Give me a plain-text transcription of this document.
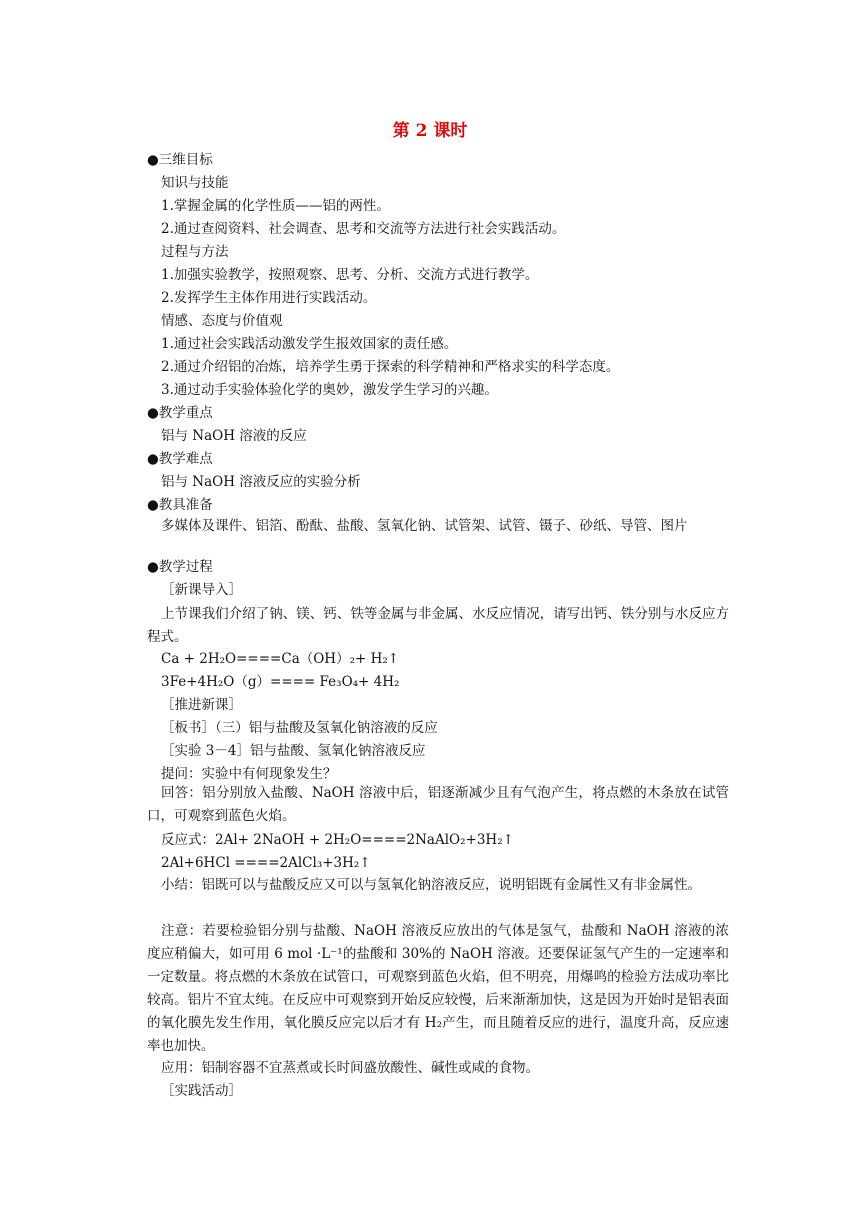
第 2 课时
●三维目标
知识与技能
1.掌握金属的化学性质——铝的两性。
2.通过查阅资料、社会调查、思考和交流等方法进行社会实践活动。
过程与方法
1.加强实验教学，按照观察、思考、分析、交流方式进行教学。
2.发挥学生主体作用进行实践活动。
情感、态度与价值观
1.通过社会实践活动激发学生报效国家的责任感。
2.通过介绍铝的冶炼，培养学生勇于探索的科学精神和严格求实的科学态度。
3.通过动手实验体验化学的奥妙，激发学生学习的兴趣。
●教学重点
铝与 NaOH 溶液的反应
●教学难点
铝与 NaOH 溶液反应的实验分析
●教具准备
多媒体及课件、铝箔、酚酞、盐酸、氢氧化钠、试管架、试管、镊子、砂纸、导管、图片
●教学过程
［新课导入］
上节课我们介绍了钠、镁、钙、铁等金属与非金属、水反应情况，请写出钙、铁分别与水反应方程式。
Ca + 2H₂O====Ca（OH）₂+ H₂↑
3Fe+4H₂O（g）==== Fe₃O₄+ 4H₂
［推进新课］
［板书］（三）铝与盐酸及氢氧化钠溶液的反应
［实验 3－4］铝与盐酸、氢氧化钠溶液反应
提问：实验中有何现象发生？
回答：铝分别放入盐酸、NaOH 溶液中后，铝逐渐减少且有气泡产生，将点燃的木条放在试管口，可观察到蓝色火焰。
反应式：2Al+ 2NaOH + 2H₂O====2NaAlO₂+3H₂↑
2Al+6HCl ====2AlCl₃+3H₂↑
小结：铝既可以与盐酸反应又可以与氢氧化钠溶液反应，说明铝既有金属性又有非金属性。
注意：若要检验铝分别与盐酸、NaOH 溶液反应放出的气体是氢气，盐酸和 NaOH 溶液的浓度应稍偏大，如可用 6 mol ·L⁻¹的盐酸和 30%的 NaOH 溶液。还要保证氢气产生的一定速率和一定数量。将点燃的木条放在试管口，可观察到蓝色火焰，但不明亮，用爆鸣的检验方法成功率比较高。铝片不宜太纯。在反应中可观察到开始反应较慢，后来渐渐加快，这是因为开始时是铝表面的氧化膜先发生作用，氧化膜反应完以后才有 H₂产生，而且随着反应的进行，温度升高，反应速率也加快。
应用：铝制容器不宜蒸煮或长时间盛放酸性、碱性或咸的食物。
［实践活动］
